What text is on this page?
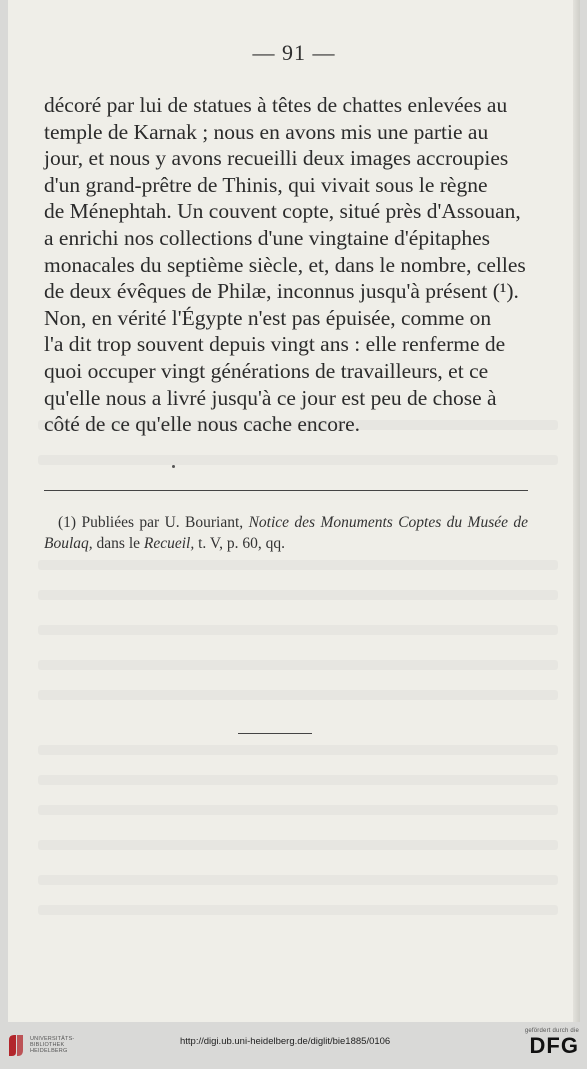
— 91 —

décoré par lui de statues à têtes de chattes enlevées au

temple de Karnak ; nous en avons mis une partie au

jour, et nous y avons recueilli deux images accroupies

d'un grand-prêtre de Thinis, qui vivait sous le règne

de Ménephtah. Un couvent copte, situé près d'Assouan,

a enrichi nos collections d'une vingtaine d'épitaphes

monacales du septième siècle, et, dans le nombre, celles

de deux évêques de Philæ, inconnus jusqu'à présent (¹).

Non, en vérité l'Égypte n'est pas épuisée, comme on

l'a dit trop souvent depuis vingt ans : elle renferme de

quoi occuper vingt générations de travailleurs, et ce

qu'elle nous a livré jusqu'à ce jour est peu de chose à

côté de ce qu'elle nous cache encore.

(1) Publiées par U. Bouriant, Notice des Monuments Coptes du Musée de Boulaq, dans le Recueil, t. V, p. 60, qq.
UNIVERSITÄTS-
BIBLIOTHEK
HEIDELBERG
http://digi.ub.uni-heidelberg.de/diglit/bie1885/0106
gefördert durch die
DFG
